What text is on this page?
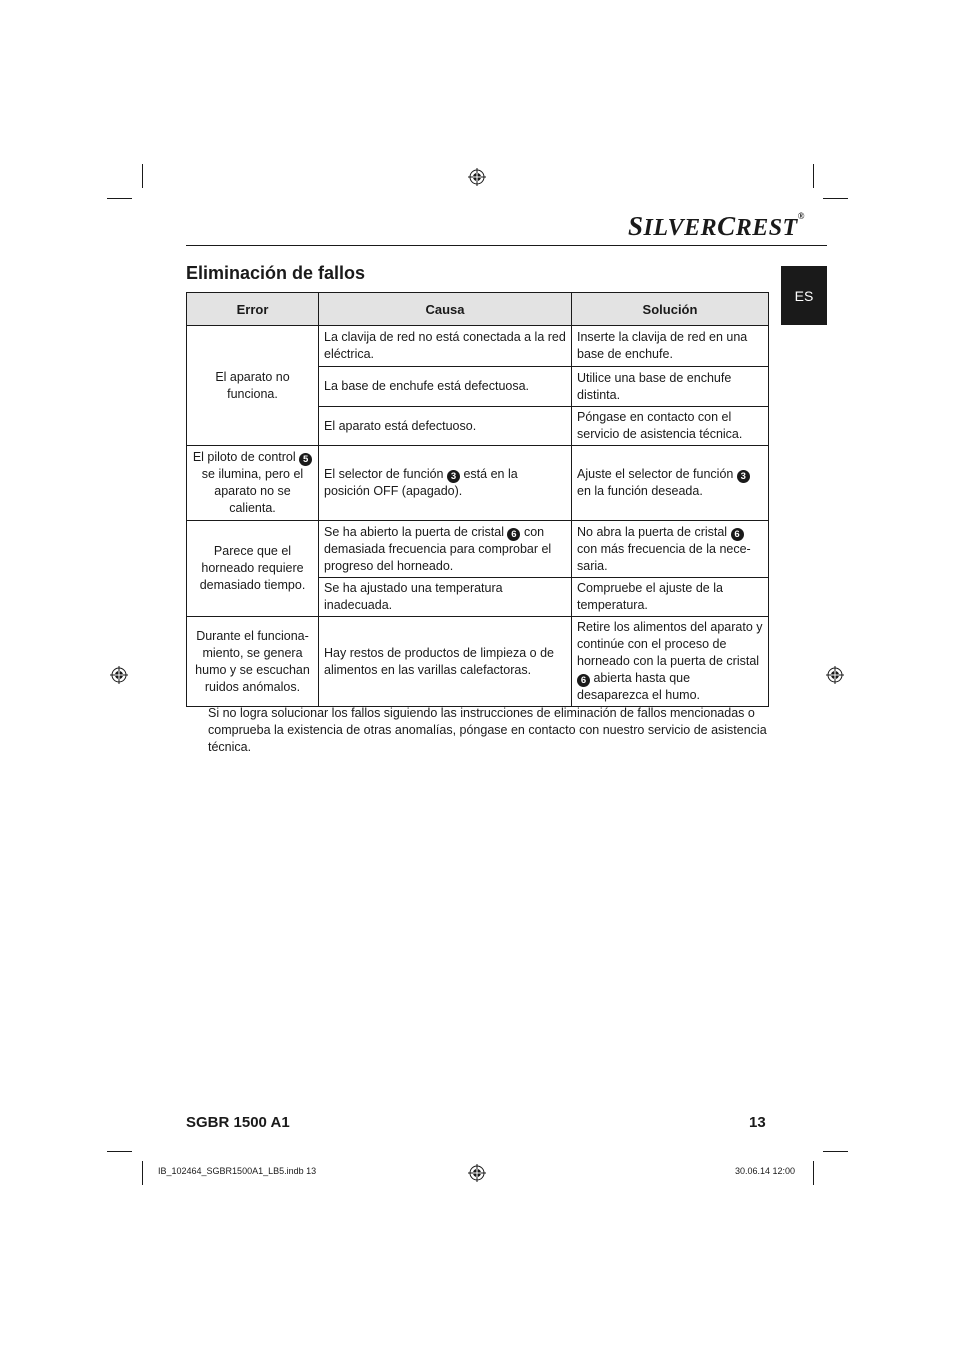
SILVERCREST®
Eliminación de fallos
ES
Error	Causa	Solución
El aparato no funciona.	La clavija de red no está conectada a la red eléctrica.	Inserte la clavija de red en una base de enchufe.
	La base de enchufe está defectuosa.	Utilice una base de enchufe distinta.
	El aparato está defectuoso.	Póngase en contacto con el servicio de asistencia técnica.
El piloto de control 5 se ilumina, pero el aparato no se calienta.	El selector de función 3 está en la posición OFF (apagado).	Ajuste el selector de función 3 en la función deseada.
Parece que el horneado requiere demasiado tiempo.	Se ha abierto la puerta de cristal 6 con demasiada frecuencia para comprobar el progreso del horneado.	No abra la puerta de cristal 6 con más frecuencia de la nece-saria.
	Se ha ajustado una temperatura inadecuada.	Compruebe el ajuste de la temperatura.
Durante el funciona-miento, se genera humo y se escuchan ruidos anómalos.	Hay restos de productos de limpieza o de alimentos en las varillas calefactoras.	Retire los alimentos del aparato y continúe con el proceso de horneado con la puerta de cristal 6 abierta hasta que desaparezca el humo.
Si no logra solucionar los fallos siguiendo las instrucciones de eliminación de fallos mencionadas o comprueba la existencia de otras anomalías, póngase en contacto con nuestro servicio de asistencia técnica.
SGBR 1500 A1	13
IB_102464_SGBR1500A1_LB5.indb 13	30.06.14 12:00
